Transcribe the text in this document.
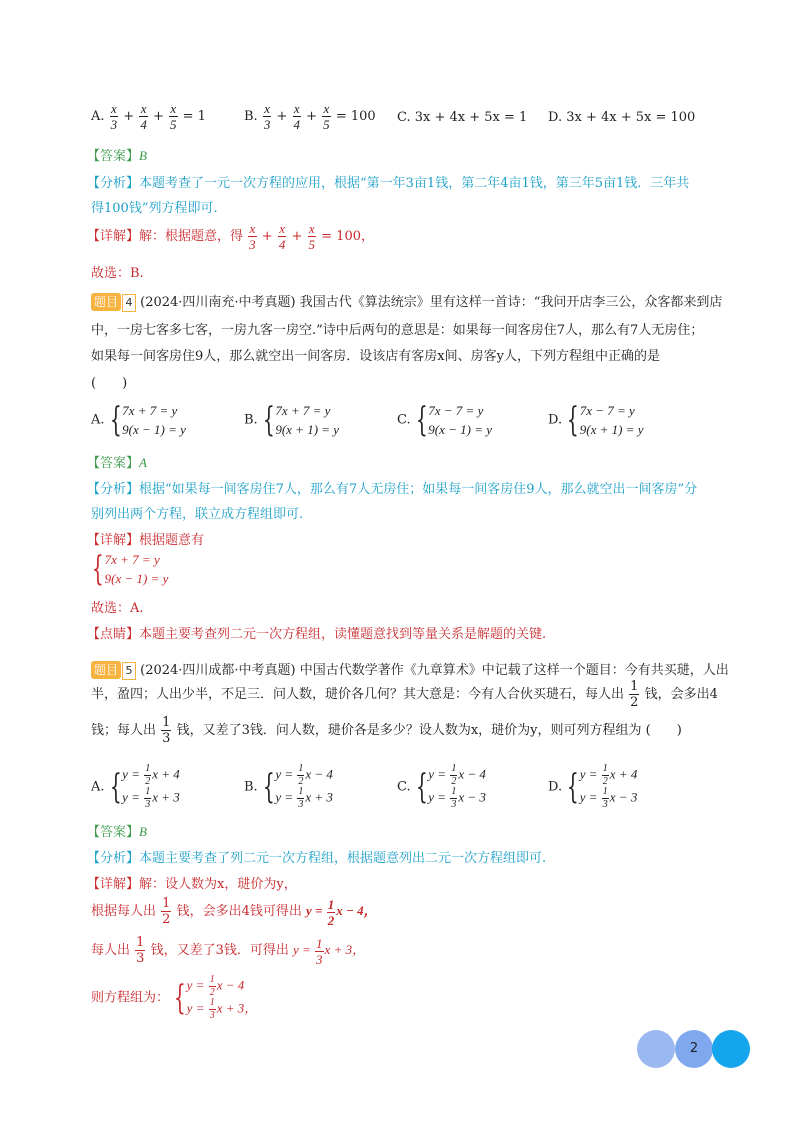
A. $\frac{x}{3} + \frac{x}{4} + \frac{x}{5} = 1$	B. $\frac{x}{3} + \frac{x}{4} + \frac{x}{5} = 100$ C. 3x + 4x + 5x = 1 D. 3x + 4x + 5x = 100
【答案】B
【分析】本题考查了一元一次方程的应用，根据“第一年3亩1钱，第二年4亩1钱，第三年5亩1钱．三年共
得100钱”列方程即可.
【详解】解：根据题意，得 $\frac{x}{3} + \frac{x}{4} + \frac{x}{5} = 100$，
故选：B.
题目 4 (2024·四川南充·中考真题) 我国古代《算法统宗》里有这样一首诗：“我问开店李三公，众客都来到店
中，一房七客多七客，一房九客一房空.”诗中后两句的意思是：如果每一间客房住7人，那么有7人无房住；
如果每一间客房住9人，那么就空出一间客房．设该店有客房x间、房客y人，下列方程组中正确的是
(　　)
A. {7x + 7 = y
9(x − 1) = y
B. {7x + 7 = y
9(x + 1) = y
C. {7x − 7 = y
9(x − 1) = y
D. {7x − 7 = y
9(x + 1) = y
【答案】A
【分析】根据“如果每一间客房住7人，那么有7人无房住；如果每一间客房住9人，那么就空出一间客房”分
别列出两个方程，联立成方程组即可.
【详解】根据题意有
{7x + 7 = y
9(x − 1) = y
故选：A.
【点睛】本题主要考查列二元一次方程组，读懂题意找到等量关系是解题的关键.
题目 5 (2024·四川成都·中考真题) 中国古代数学著作《九章算术》中记载了这样一个题目：今有共买琎，人出
半，盈四；人出少半，不足三．问人数，琎价各几何？其大意是：今有人合伙买琎石，每人出 $\frac{1}{2}$ 钱，会多出4
钱；每人出 $\frac{1}{3}$ 钱，又差了3钱．问人数，琎价各是多少？设人数为x，琎价为y，则可列方程组为 (　　)
A. {$y = \frac{1}{2}$ x + 4
$y = \frac{1}{3}$ x + 3
B. {$y = \frac{1}{2}$ x − 4
$y = \frac{1}{3}$ x + 3
C. {$y = \frac{1}{2}$ x − 4
$y = \frac{1}{3}$ x − 3
D. {$y = \frac{1}{2}$ x + 4
$y = \frac{1}{3}$ x − 3
【答案】B
【分析】本题主要考查了列二元一次方程组，根据题意列出二元一次方程组即可.
【详解】解：设人数为x，琎价为y，
根据每人出 $\frac{1}{2}$ 钱，会多出4钱可得出 $y = \frac{1}{2}$ x − 4，
每人出 $\frac{1}{3}$ 钱，又差了3钱．可得出 $y = \frac{1}{3}$ x + 3，
则方程组为： {$y = \frac{1}{2}$ x − 4
$y = \frac{1}{3}$ x + 3，
2
